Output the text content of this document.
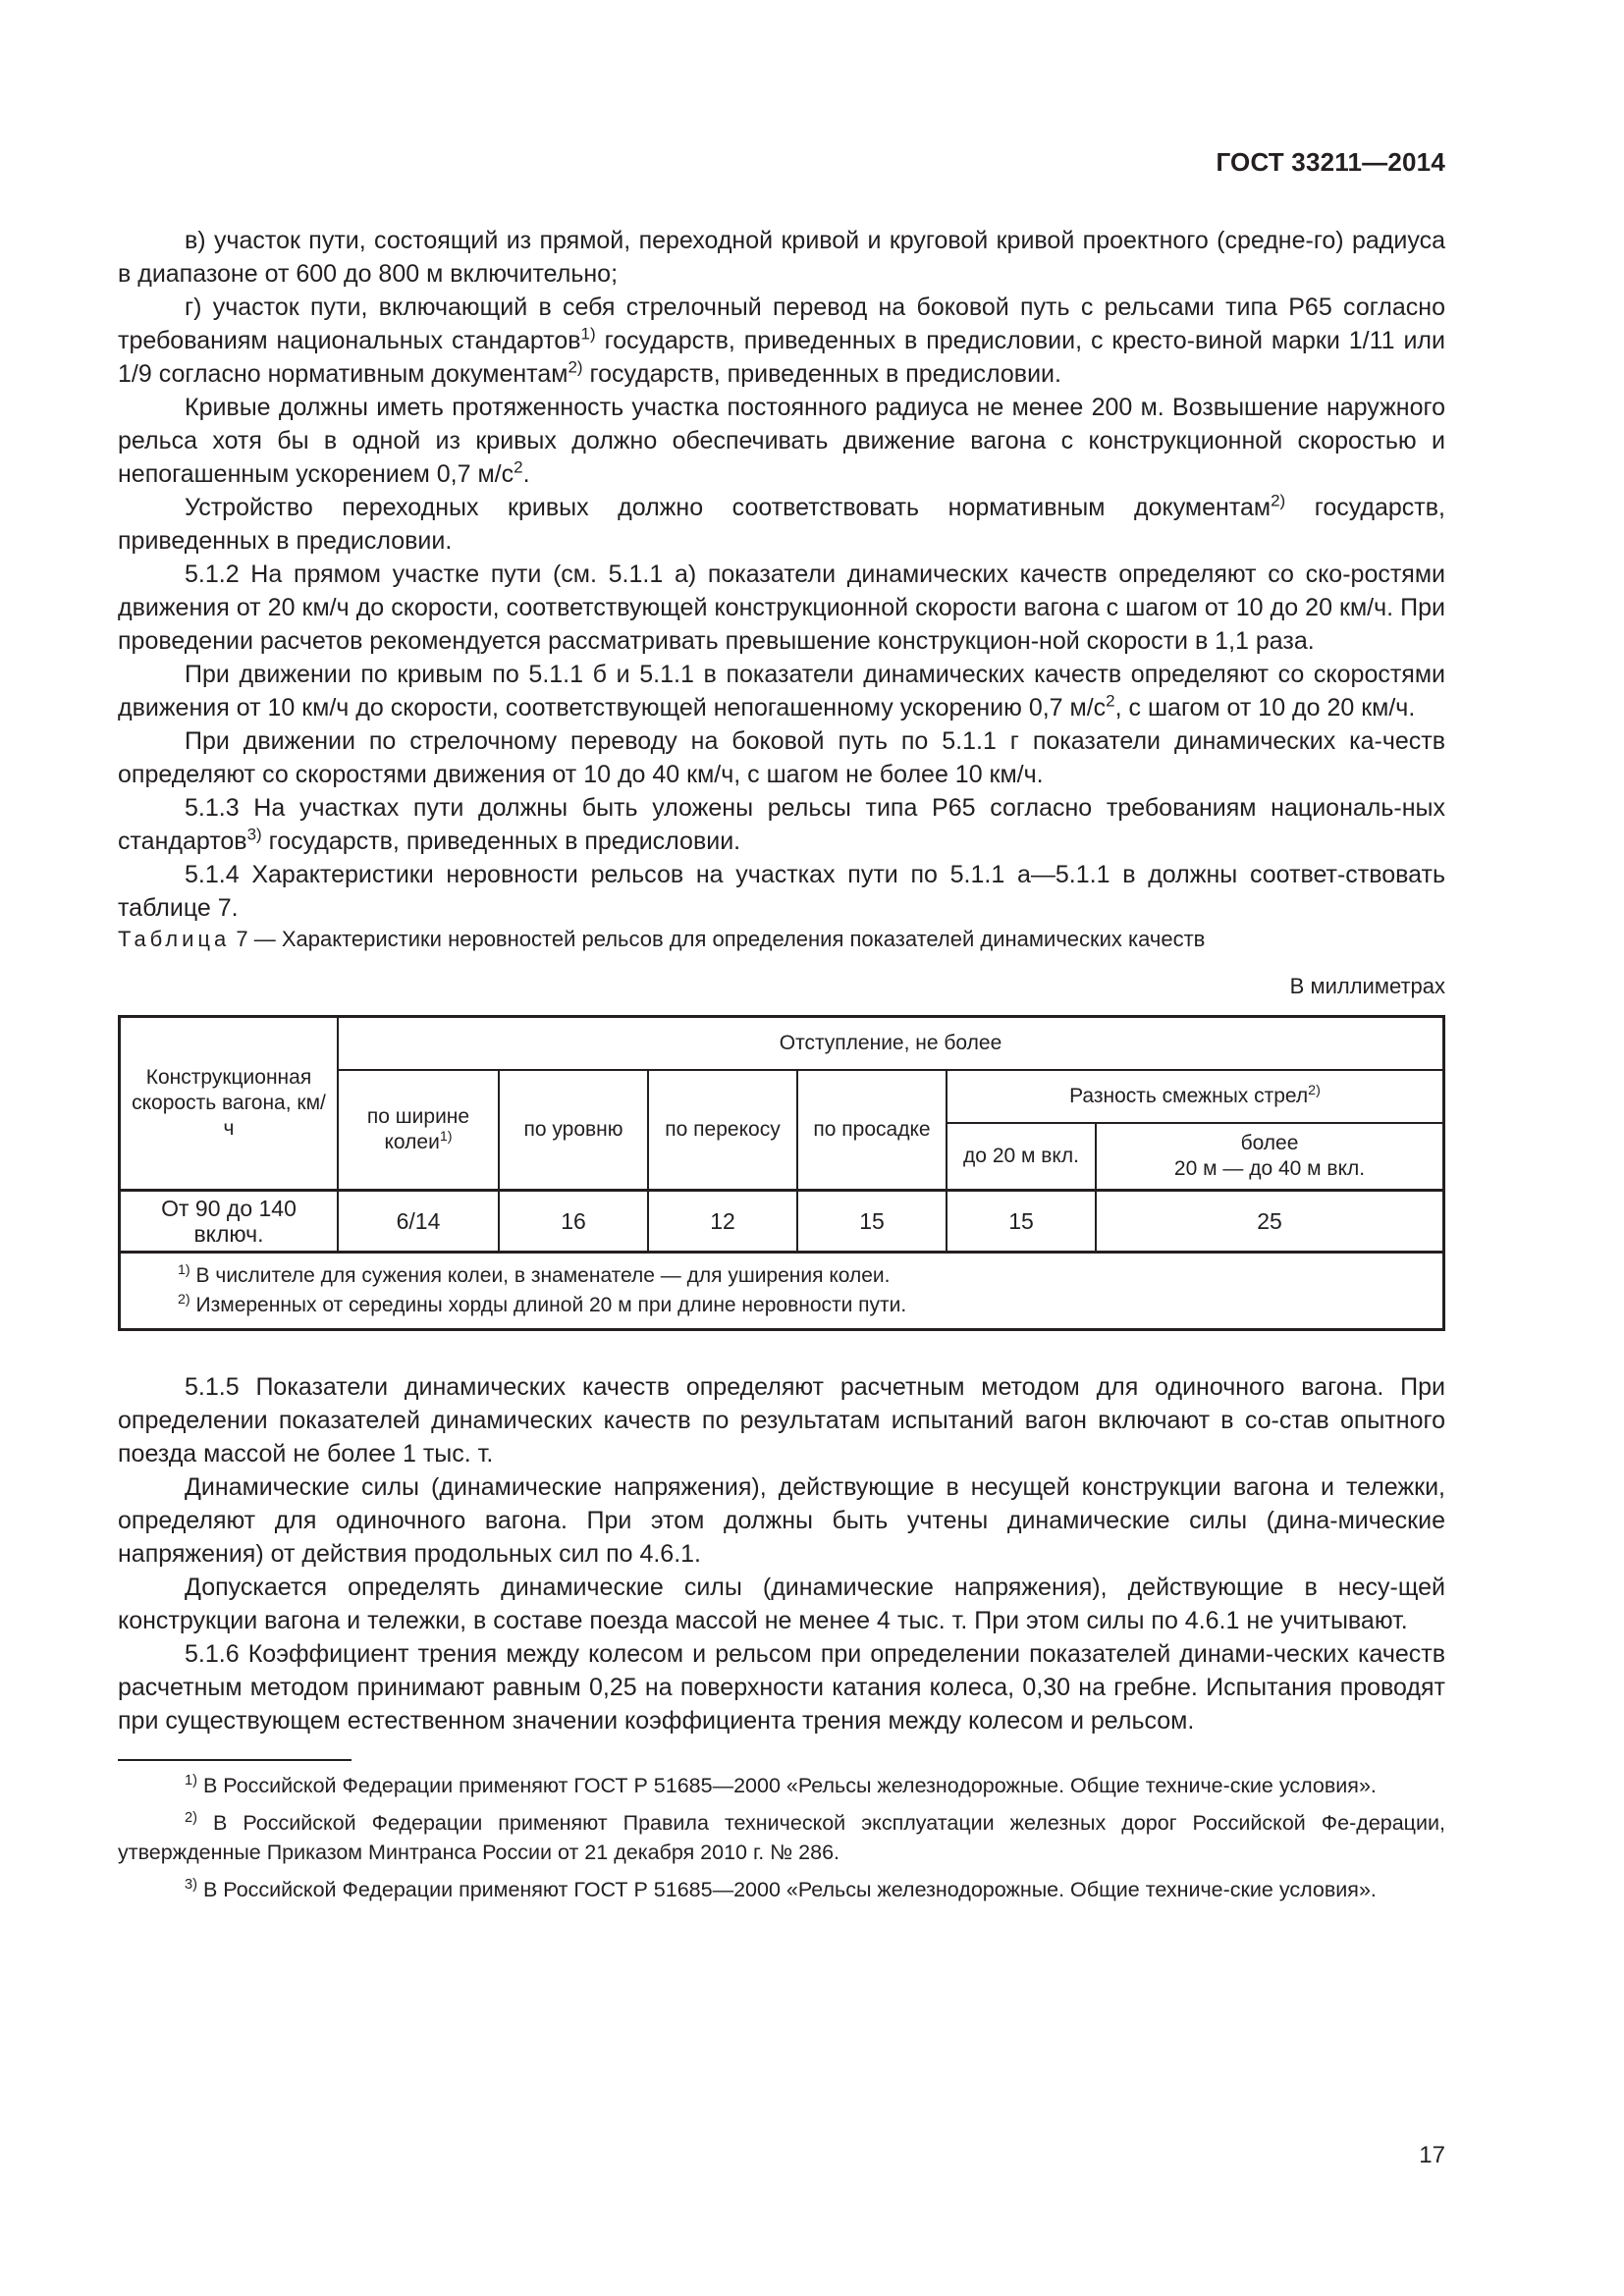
ГОСТ 33211—2014

в) участок пути, состоящий из прямой, переходной кривой и круговой кривой проектного (средне-го) радиуса в диапазоне от 600 до 800 м включительно;

г) участок пути, включающий в себя стрелочный перевод на боковой путь с рельсами типа Р65 согласно требованиям национальных стандартов$^{1)}$ государств, приведенных в предисловии, с кресто-виной марки 1/11 или 1/9 согласно нормативным документам$^{2)}$ государств, приведенных в предисловии.

Кривые должны иметь протяженность участка постоянного радиуса не менее 200 м. Возвышение наружного рельса хотя бы в одной из кривых должно обеспечивать движение вагона с конструкционной скоростью и непогашенным ускорением 0,7 $м/с^2$.

Устройство переходных кривых должно соответствовать нормативным документам$^{2)}$ государств, приведенных в предисловии.

5.1.2 На прямом участке пути (см. 5.1.1 а) показатели динамических качеств определяют со ско-ростями движения от 20 км/ч до скорости, соответствующей конструкционной скорости вагона с шагом от 10 до 20 км/ч. При проведении расчетов рекомендуется рассматривать превышение конструкцион-ной скорости в 1,1 раза.

При движении по кривым по 5.1.1 б и 5.1.1 в показатели динамических качеств определяют со скоростями движения от 10 км/ч до скорости, соответствующей непогашенному ускорению 0,7 $м/с^2$, с шагом от 10 до 20 км/ч.

При движении по стрелочному переводу на боковой путь по 5.1.1 г показатели динамических ка-честв определяют со скоростями движения от 10 до 40 км/ч, с шагом не более 10 км/ч.

5.1.3 На участках пути должны быть уложены рельсы типа Р65 согласно требованиям националь-ных стандартов$^{3)}$ государств, приведенных в предисловии.

5.1.4 Характеристики неровности рельсов на участках пути по 5.1.1 а—5.1.1 в должны соответ-ствовать таблице 7.

Таблица 7 — Характеристики неровностей рельсов для определения показателей динамических качеств

В миллиметрах
Конструкционная скорость вагона, км/ч	Отступление, не более					
	по ширине колеи$^{1)}$	по уровню	по перекосу	по просадке	Разность смежных стрел$^{2)}$
					до 20 м вкл.	более
20 м — до 40 м вкл.
От 90 до 140 включ.	6/14	16	12	15	15	25

$^{1)}$ В числителе для сужения колеи, в знаменателе — для уширения колеи.
$^{2)}$ Измеренных от середины хорды длиной 20 м при длине неровности пути.						

5.1.5 Показатели динамических качеств определяют расчетным методом для одиночного вагона. При определении показателей динамических качеств по результатам испытаний вагон включают в со-став опытного поезда массой не более 1 тыс. т.

Динамические силы (динамические напряжения), действующие в несущей конструкции вагона и тележки, определяют для одиночного вагона. При этом должны быть учтены динамические силы (дина-мические напряжения) от действия продольных сил по 4.6.1.

Допускается определять динамические силы (динамические напряжения), действующие в несу-щей конструкции вагона и тележки, в составе поезда массой не менее 4 тыс. т. При этом силы по 4.6.1 не учитывают.

5.1.6 Коэффициент трения между колесом и рельсом при определении показателей динами-ческих качеств расчетным методом принимают равным 0,25 на поверхности катания колеса, 0,30 на гребне. Испытания проводят при существующем естественном значении коэффициента трения между колесом и рельсом.

$^{1)}$ В Российской Федерации применяют ГОСТ Р 51685—2000 «Рельсы железнодорожные. Общие техниче-ские условия».

$^{2)}$ В Российской Федерации применяют Правила технической эксплуатации железных дорог Российской Фе-дерации, утвержденные Приказом Минтранса России от 21 декабря 2010 г. № 286.

$^{3)}$ В Российской Федерации применяют ГОСТ Р 51685—2000 «Рельсы железнодорожные. Общие техниче-ские условия».

17
